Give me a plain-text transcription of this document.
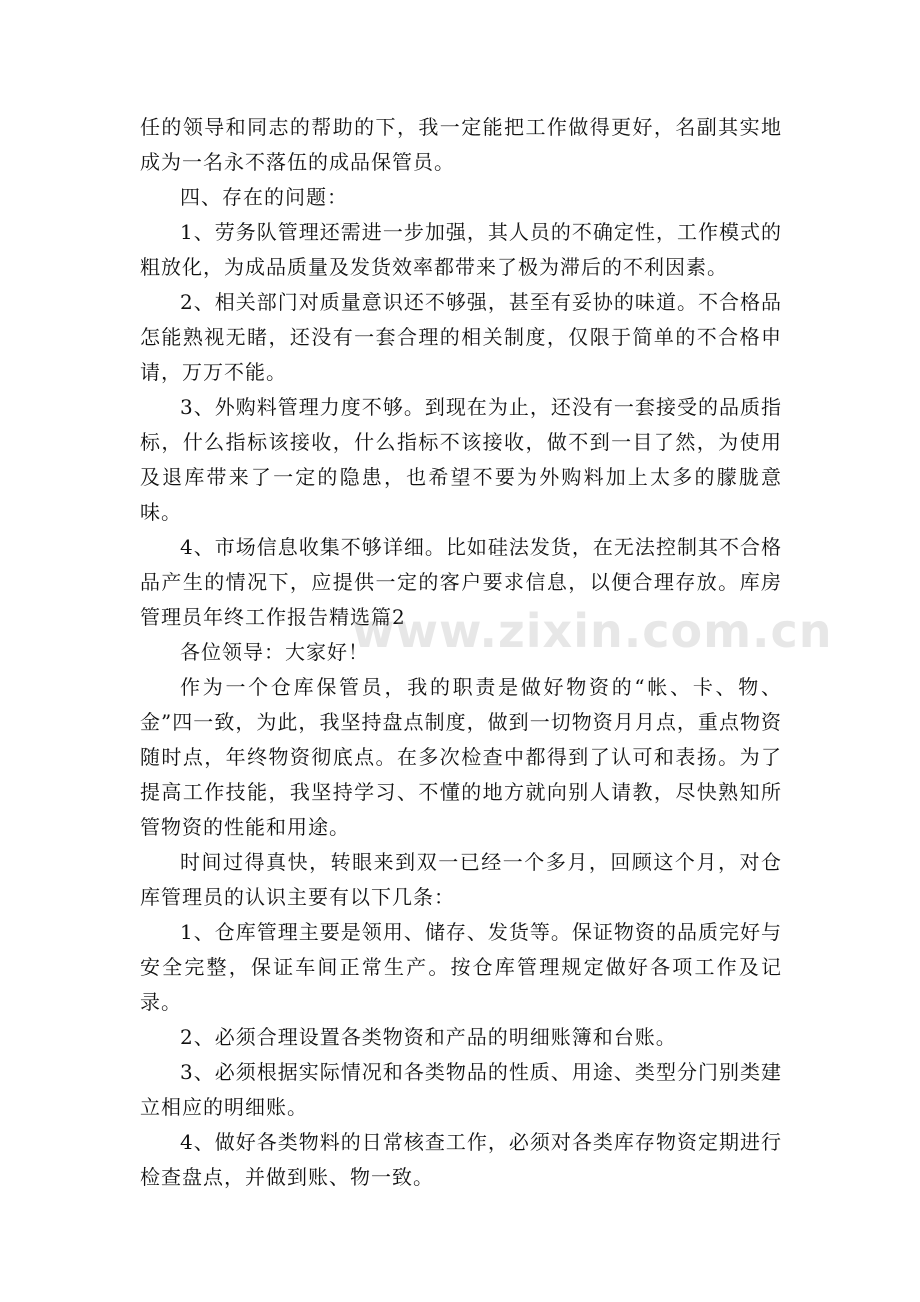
任的领导和同志的帮助的下，我一定能把工作做得更好，名副其实地成为一名永不落伍的成品保管员。

四、存在的问题：

1、劳务队管理还需进一步加强，其人员的不确定性，工作模式的粗放化，为成品质量及发货效率都带来了极为滞后的不利因素。

2、相关部门对质量意识还不够强，甚至有妥协的味道。不合格品怎能熟视无睹，还没有一套合理的相关制度，仅限于简单的不合格申请，万万不能。

3、外购料管理力度不够。到现在为止，还没有一套接受的品质指标，什么指标该接收，什么指标不该接收，做不到一目了然，为使用及退库带来了一定的隐患，也希望不要为外购料加上太多的朦胧意味。

4、市场信息收集不够详细。比如硅法发货，在无法控制其不合格品产生的情况下，应提供一定的客户要求信息，以便合理存放。库房管理员年终工作报告精选篇2

各位领导：大家好！

作为一个仓库保管员，我的职责是做好物资的“帐、卡、物、金”四一致，为此，我坚持盘点制度，做到一切物资月月点，重点物资随时点，年终物资彻底点。在多次检查中都得到了认可和表扬。为了提高工作技能，我坚持学习、不懂的地方就向别人请教，尽快熟知所管物资的性能和用途。

时间过得真快，转眼来到双一已经一个多月，回顾这个月，对仓库管理员的认识主要有以下几条：

1、仓库管理主要是领用、储存、发货等。保证物资的品质完好与安全完整，保证车间正常生产。按仓库管理规定做好各项工作及记录。

2、必须合理设置各类物资和产品的明细账簿和台账。

3、必须根据实际情况和各类物品的性质、用途、类型分门别类建立相应的明细账。

4、做好各类物料的日常核查工作，必须对各类库存物资定期进行检查盘点，并做到账、物一致。

www.zixin.com.cn
